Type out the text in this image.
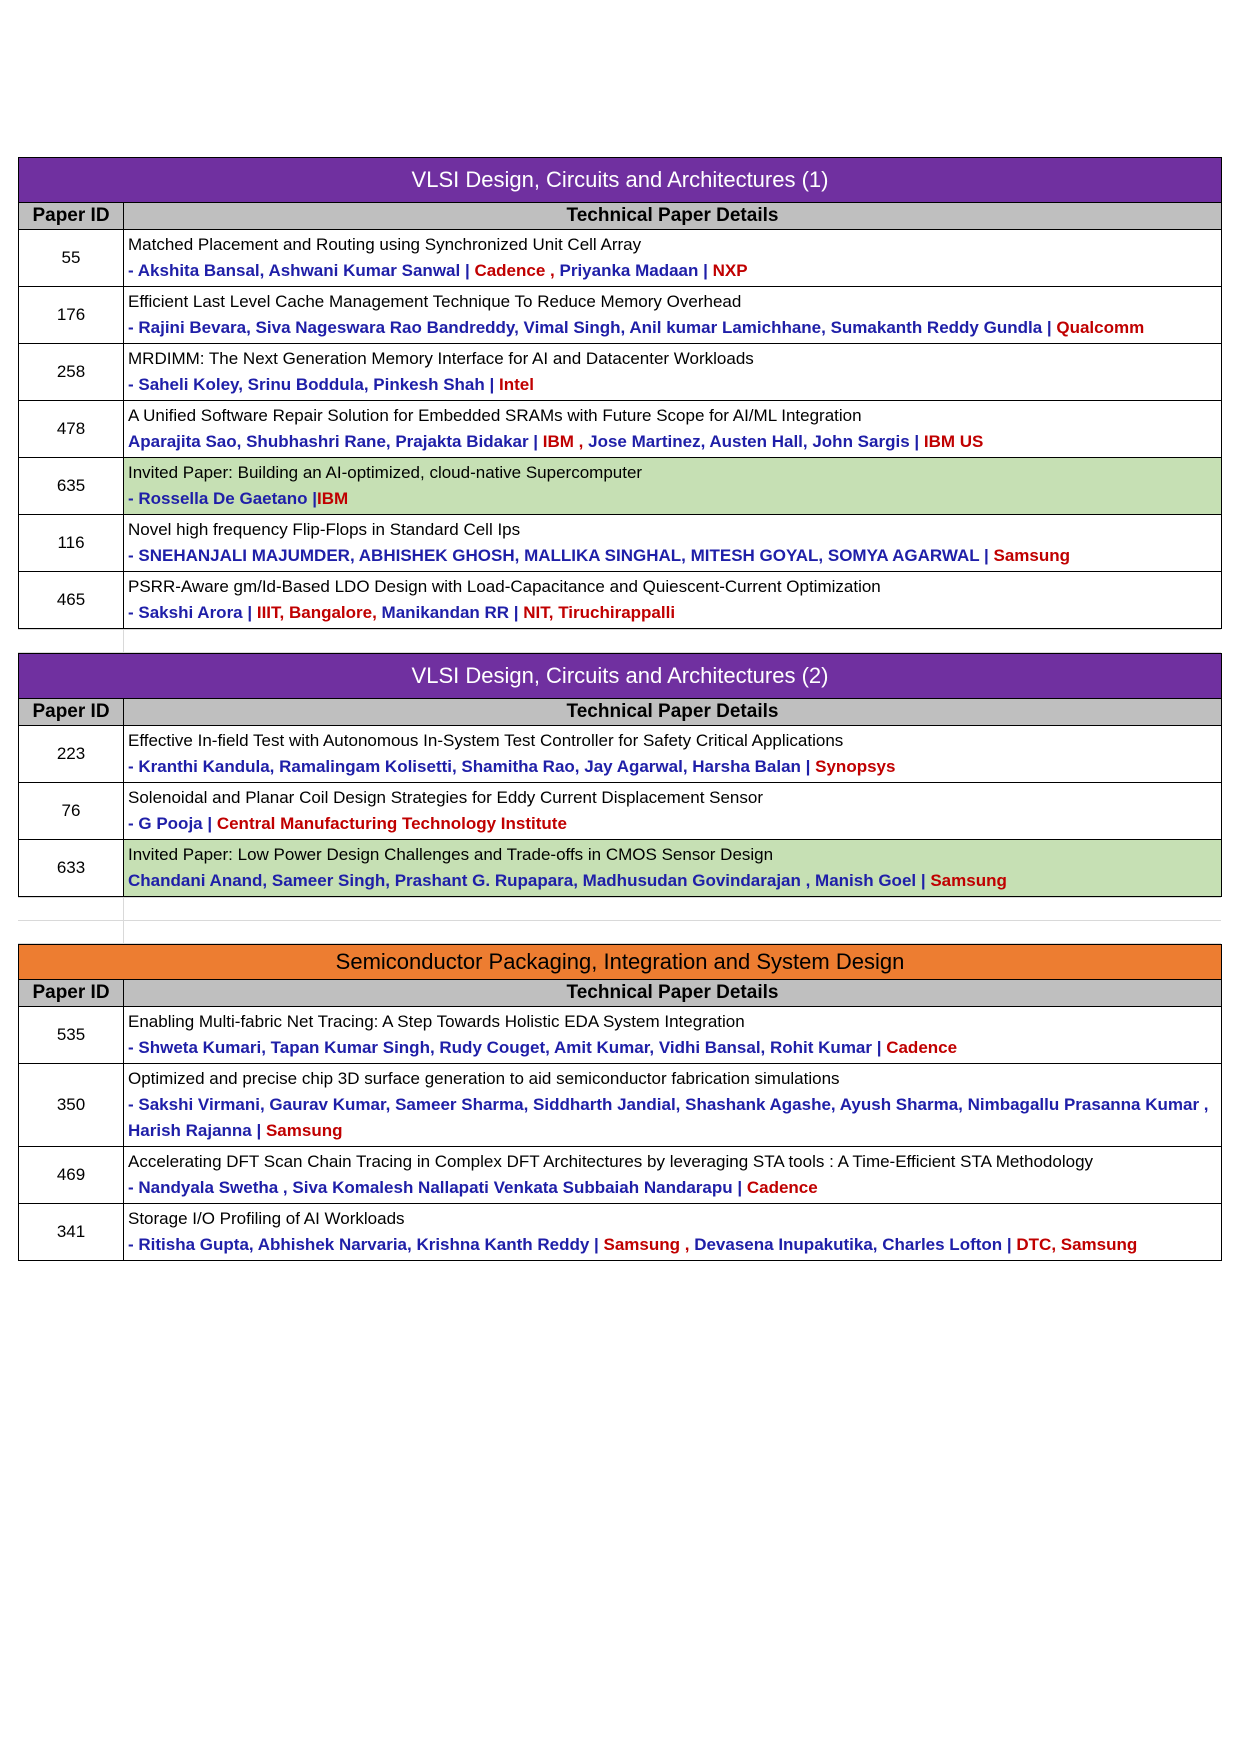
VLSI Design, Circuits and Architectures (1)	
Paper ID	Technical Paper Details
55	Matched Placement and Routing using Synchronized Unit Cell Array
- Akshita Bansal, Ashwani Kumar Sanwal | Cadence , Priyanka Madaan | NXP

176	Efficient Last Level Cache Management Technique To Reduce Memory Overhead
- Rajini Bevara, Siva Nageswara Rao Bandreddy, Vimal Singh, Anil kumar Lamichhane, Sumakanth Reddy Gundla | Qualcomm

258	MRDIMM: The Next Generation Memory Interface for AI and Datacenter Workloads
- Saheli Koley, Srinu Boddula, Pinkesh Shah | Intel

478	A Unified Software Repair Solution for Embedded SRAMs with Future Scope for AI/ML Integration
Aparajita Sao, Shubhashri Rane, Prajakta Bidakar | IBM , Jose Martinez, Austen Hall, John Sargis | IBM US

635	Invited Paper: Building an AI-optimized, cloud-native Supercomputer
- Rossella De Gaetano |IBM

116	Novel high frequency Flip-Flops in Standard Cell Ips
- SNEHANJALI MAJUMDER, ABHISHEK GHOSH, MALLIKA SINGHAL, MITESH GOYAL, SOMYA AGARWAL | Samsung

465	PSRR-Aware gm/Id-Based LDO Design with Load-Capacitance and Quiescent-Current Optimization
- Sakshi Arora | IIIT, Bangalore, Manikandan RR | NIT, Tiruchirappalli
VLSI Design, Circuits and Architectures (2)	
Paper ID	Technical Paper Details
223	Effective In-field Test with Autonomous In-System Test Controller for Safety Critical Applications
- Kranthi Kandula, Ramalingam Kolisetti, Shamitha Rao, Jay Agarwal, Harsha Balan | Synopsys

76	Solenoidal and Planar Coil Design Strategies for Eddy Current Displacement Sensor
- G Pooja | Central Manufacturing Technology Institute

633	Invited Paper: Low Power Design Challenges and Trade-offs in CMOS Sensor Design
Chandani Anand, Sameer Singh, Prashant G. Rupapara, Madhusudan Govindarajan , Manish Goel | Samsung
Semiconductor Packaging, Integration and System Design	
Paper ID	Technical Paper Details
535	Enabling Multi-fabric Net Tracing: A Step Towards Holistic EDA System Integration
- Shweta Kumari, Tapan Kumar Singh, Rudy Couget, Amit Kumar, Vidhi Bansal, Rohit Kumar | Cadence

350	Optimized and precise chip 3D surface generation to aid semiconductor fabrication simulations
- Sakshi Virmani, Gaurav Kumar, Sameer Sharma, Siddharth Jandial, Shashank Agashe, Ayush Sharma, Nimbagallu Prasanna Kumar , Harish Rajanna | Samsung

469	Accelerating DFT Scan Chain Tracing in Complex DFT Architectures by leveraging STA tools : A Time-Efficient STA Methodology
- Nandyala Swetha , Siva Komalesh Nallapati Venkata Subbaiah Nandarapu | Cadence

341	Storage I/O Profiling of AI Workloads
- Ritisha Gupta, Abhishek Narvaria, Krishna Kanth Reddy | Samsung , Devasena Inupakutika, Charles Lofton | DTC, Samsung
